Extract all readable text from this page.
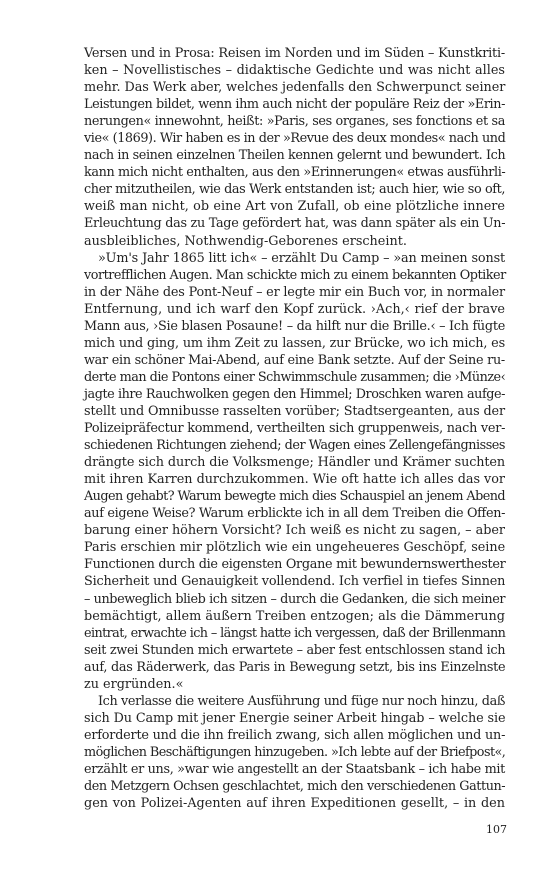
Versen und in Prosa: Reisen im Norden und im Süden – Kunstkriti-
ken – Novellistisches – didaktische Gedichte und was nicht alles
mehr. Das Werk aber, welches jedenfalls den Schwerpunct seiner
Leistungen bildet, wenn ihm auch nicht der populäre Reiz der »Erin-
nerungen« innewohnt, heißt: »Paris, ses organes, ses fonctions et sa
vie« (1869). Wir haben es in der »Revue des deux mondes« nach und
nach in seinen einzelnen Theilen kennen gelernt und bewundert. Ich
kann mich nicht enthalten, aus den »Erinnerungen« etwas ausführli-
cher mitzutheilen, wie das Werk entstanden ist; auch hier, wie so oft,
weiß man nicht, ob eine Art von Zufall, ob eine plötzliche innere
Erleuchtung das zu Tage gefördert hat, was dann später als ein Un-
ausbleibliches, Nothwendig-Geborenes erscheint.
»Um's Jahr 1865 litt ich« – erzählt Du Camp – »an meinen sonst
vortrefflichen Augen. Man schickte mich zu einem bekannten Optiker
in der Nähe des Pont-Neuf – er legte mir ein Buch vor, in normaler
Entfernung, und ich warf den Kopf zurück. ›Ach,‹ rief der brave
Mann aus, ›Sie blasen Posaune! – da hilft nur die Brille.‹ – Ich fügte
mich und ging, um ihm Zeit zu lassen, zur Brücke, wo ich mich, es
war ein schöner Mai-Abend, auf eine Bank setzte. Auf der Seine ru-
derte man die Pontons einer Schwimmschule zusammen; die ›Münze‹
jagte ihre Rauchwolken gegen den Himmel; Droschken waren aufge-
stellt und Omnibusse rasselten vorüber; Stadtsergeanten, aus der
Polizeipräfectur kommend, vertheilten sich gruppenweis, nach ver-
schiedenen Richtungen ziehend; der Wagen eines Zellengefängnisses
drängte sich durch die Volksmenge; Händler und Krämer suchten
mit ihren Karren durchzukommen. Wie oft hatte ich alles das vor
Augen gehabt? Warum bewegte mich dies Schauspiel an jenem Abend
auf eigene Weise? Warum erblickte ich in all dem Treiben die Offen-
barung einer höhern Vorsicht? Ich weiß es nicht zu sagen, – aber
Paris erschien mir plötzlich wie ein ungeheueres Geschöpf, seine
Functionen durch die eigensten Organe mit bewundernswerthester
Sicherheit und Genauigkeit vollendend. Ich verfiel in tiefes Sinnen
– unbeweglich blieb ich sitzen – durch die Gedanken, die sich meiner
bemächtigt, allem äußern Treiben entzogen; als die Dämmerung
eintrat, erwachte ich – längst hatte ich vergessen, daß der Brillenmann
seit zwei Stunden mich erwartete – aber fest entschlossen stand ich
auf, das Räderwerk, das Paris in Bewegung setzt, bis ins Einzelnste
zu ergründen.«
Ich verlasse die weitere Ausführung und füge nur noch hinzu, daß
sich Du Camp mit jener Energie seiner Arbeit hingab – welche sie
erforderte und die ihn freilich zwang, sich allen möglichen und un-
möglichen Beschäftigungen hinzugeben. »Ich lebte auf der Briefpost«,
erzählt er uns, »war wie angestellt an der Staatsbank – ich habe mit
den Metzgern Ochsen geschlachtet, mich den verschiedenen Gattun-
gen von Polizei-Agenten auf ihren Expeditionen gesellt, – in den
107
